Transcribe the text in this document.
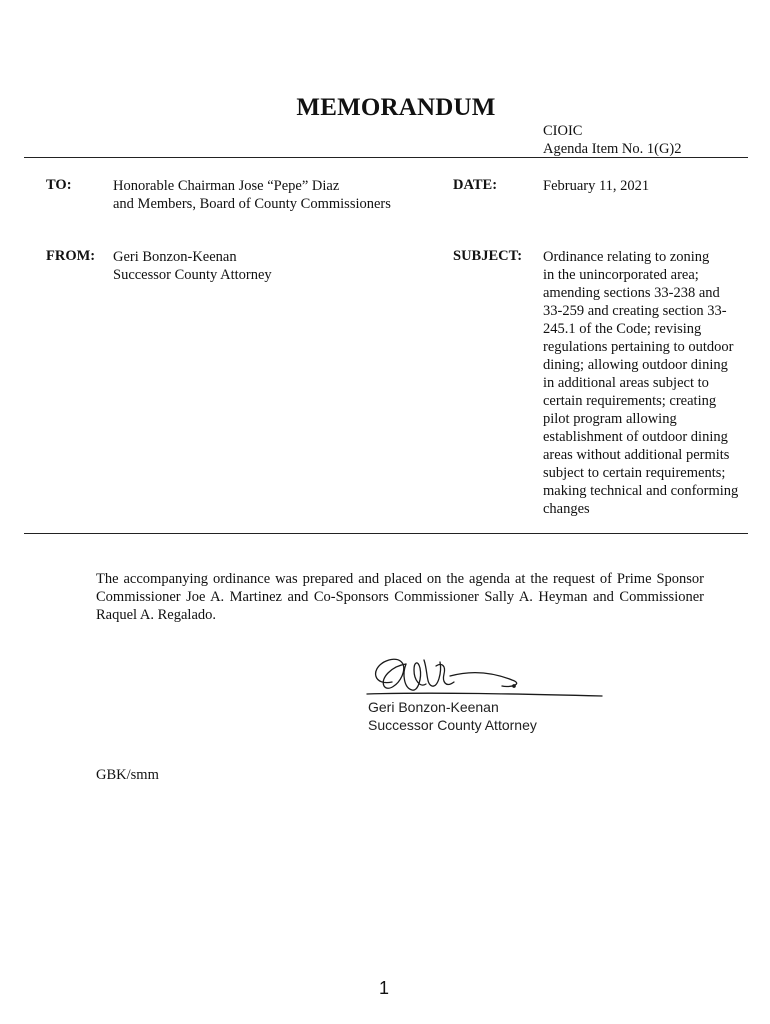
MEMORANDUM
CIOIC
Agenda Item No. 1(G)2
TO:	Honorable Chairman Jose “Pepe” Diaz
and Members, Board of County Commissioners
DATE:	February 11, 2021
FROM: Geri Bonzon-Keenan
Successor County Attorney
SUBJECT: Ordinance relating to zoning
in the unincorporated area;
amending sections 33-238 and
33-259 and creating section 33-
245.1 of the Code; revising
regulations pertaining to outdoor
dining; allowing outdoor dining
in additional areas subject to
certain requirements; creating
pilot program allowing
establishment of outdoor dining
areas without additional permits
subject to certain requirements;
making technical and conforming
changes
The accompanying ordinance was prepared and placed on the agenda at the request of Prime Sponsor Commissioner Joe A. Martinez and Co-Sponsors Commissioner Sally A. Heyman and Commissioner Raquel A. Regalado.
Geri Bonzon-Keenan
Successor County Attorney
GBK/smm
1
